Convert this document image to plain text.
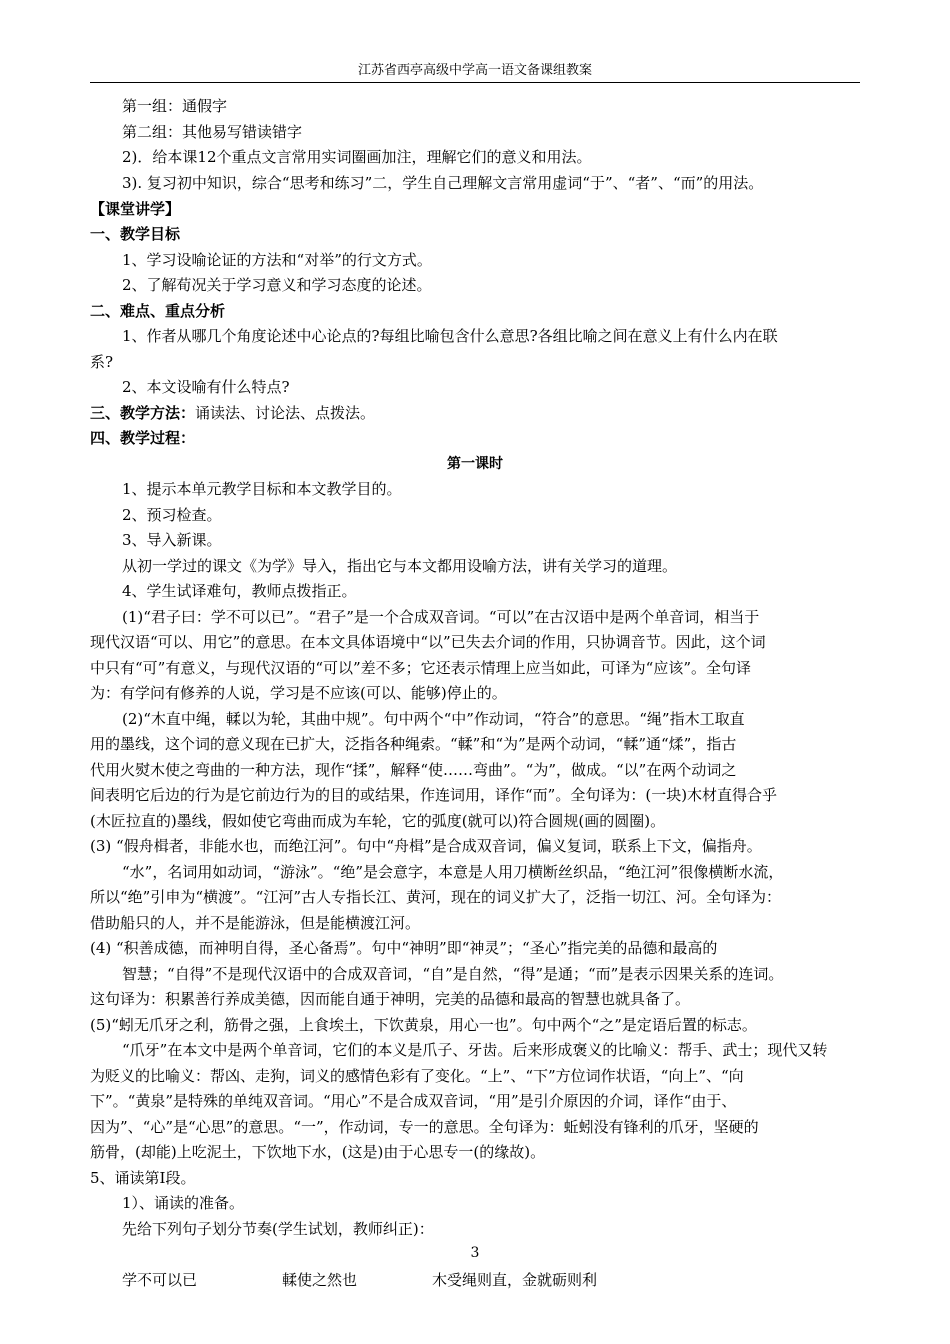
江苏省西亭高级中学高一语文备课组教案
第一组：通假字
第二组：其他易写错读错字
2)．给本课12个重点文言常用实词圈画加注，理解它们的意义和用法。
3). 复习初中知识，综合“思考和练习”二，学生自己理解文言常用虚词“于”、“者”、“而”的用法。
【课堂讲学】
一、教学目标
1、学习设喻论证的方法和“对举”的行文方式。
2、了解荀况关于学习意义和学习态度的论述。
二、难点、重点分析
1、作者从哪几个角度论述中心论点的?每组比喻包含什么意思?各组比喻之间在意义上有什么内在联
系?
2、本文设喻有什么特点?
三、教学方法：诵读法、讨论法、点拨法。
四、教学过程：
第一课时
1、提示本单元教学目标和本文教学目的。
2、预习检查。
3、导入新课。
从初一学过的课文《为学》导入，指出它与本文都用设喻方法，讲有关学习的道理。
4、学生试译难句，教师点拨指正。
(1)“君子曰：学不可以已”。“君子”是一个合成双音词。“可以”在古汉语中是两个单音词，相当于
现代汉语“可以、用它”的意思。在本文具体语境中“以”已失去介词的作用，只协调音节。因此，这个词
中只有“可”有意义，与现代汉语的“可以”差不多；它还表示情理上应当如此，可译为“应该”。全句译
为：有学问有修养的人说，学习是不应该(可以、能够)停止的。
(2)“木直中绳，輮以为轮，其曲中规”。句中两个“中”作动词，“符合”的意思。“绳”指木工取直
用的墨线，这个词的意义现在已扩大，泛指各种绳索。“輮”和“为”是两个动词，“輮”通“煣”，指古
代用火熨木使之弯曲的一种方法，现作“揉”，解释“使……弯曲”。“为”，做成。“以”在两个动词之
间表明它后边的行为是它前边行为的目的或结果，作连词用，译作“而”。全句译为：(一块)木材直得合乎
(木匠拉直的)墨线，假如使它弯曲而成为车轮，它的弧度(就可以)符合圆规(画的圆圈)。
(3) “假舟楫者，非能水也，而绝江河”。句中“舟楫”是合成双音词，偏义复词，联系上下文，偏指舟。
“水”，名词用如动词，“游泳”。“绝”是会意字，本意是人用刀横断丝织品，“绝江河”很像横断水流，
所以“绝”引申为“横渡”。“江河”古人专指长江、黄河，现在的词义扩大了，泛指一切江、河。全句译为：
借助船只的人，并不是能游泳，但是能横渡江河。
(4) “积善成德，而神明自得，圣心备焉”。句中“神明”即“神灵”；“圣心”指完美的品德和最高的
智慧；“自得”不是现代汉语中的合成双音词，“自”是自然，“得”是通；“而”是表示因果关系的连词。
这句译为：积累善行养成美德，因而能自通于神明，完美的品德和最高的智慧也就具备了。
(5)“蚓无爪牙之利，筋骨之强，上食埃土，下饮黄泉，用心一也”。句中两个“之”是定语后置的标志。
“爪牙”在本文中是两个单音词，它们的本义是爪子、牙齿。后来形成褒义的比喻义：帮手、武士；现代又转
为贬义的比喻义：帮凶、走狗，词义的感情色彩有了变化。“上”、“下”方位词作状语，“向上”、“向
下”。“黄泉”是特殊的单纯双音词。“用心”不是合成双音词，“用”是引介原因的介词，译作“由于、
因为”、“心”是“心思”的意思。“一”，作动词，专一的意思。全句译为：蚯蚓没有锋利的爪牙，坚硬的
筋骨，(却能)上吃泥土，下饮地下水，(这是)由于心思专一(的缘故)。
5、诵读第Ⅰ段。
1）、诵读的准备。
先给下列句子划分节奏(学生试划，教师纠正)：
学不可以已	輮使之然也	木受绳则直，金就砺则利
3
